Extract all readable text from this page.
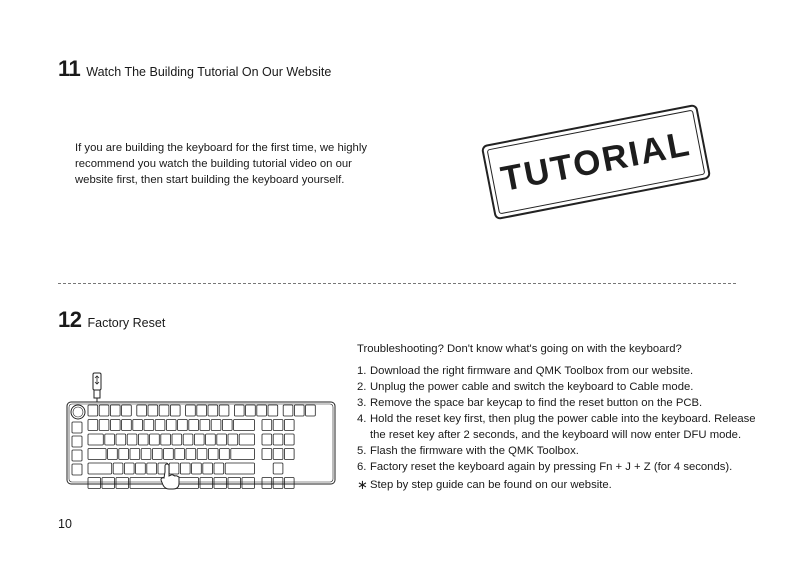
11 Watch The Building Tutorial On Our Website

If you are building the keyboard for the first time, we highly

recommend you watch the building tutorial video on our

website first, then start building the keyboard yourself.	TUTORIAL
12 Factory Reset

Troubleshooting? Don't know what's going on with the keyboard?

1. Download the right firmware and QMK Toolbox from our website.
2. Unplug the power cable and switch the keyboard to Cable mode.
3. Remove the space bar keycap to find the reset button on the PCB.
4. Hold the reset key first, then plug the power cable into the keyboard. Release the reset key after 2 seconds, and the keyboard will now enter DFU mode.
5. Flash the firmware with the QMK Toolbox.
6. Factory reset the keyboard again by pressing Fn + J + Z (for 4 seconds).
∗ Step by step guide can be found on our website.
10
